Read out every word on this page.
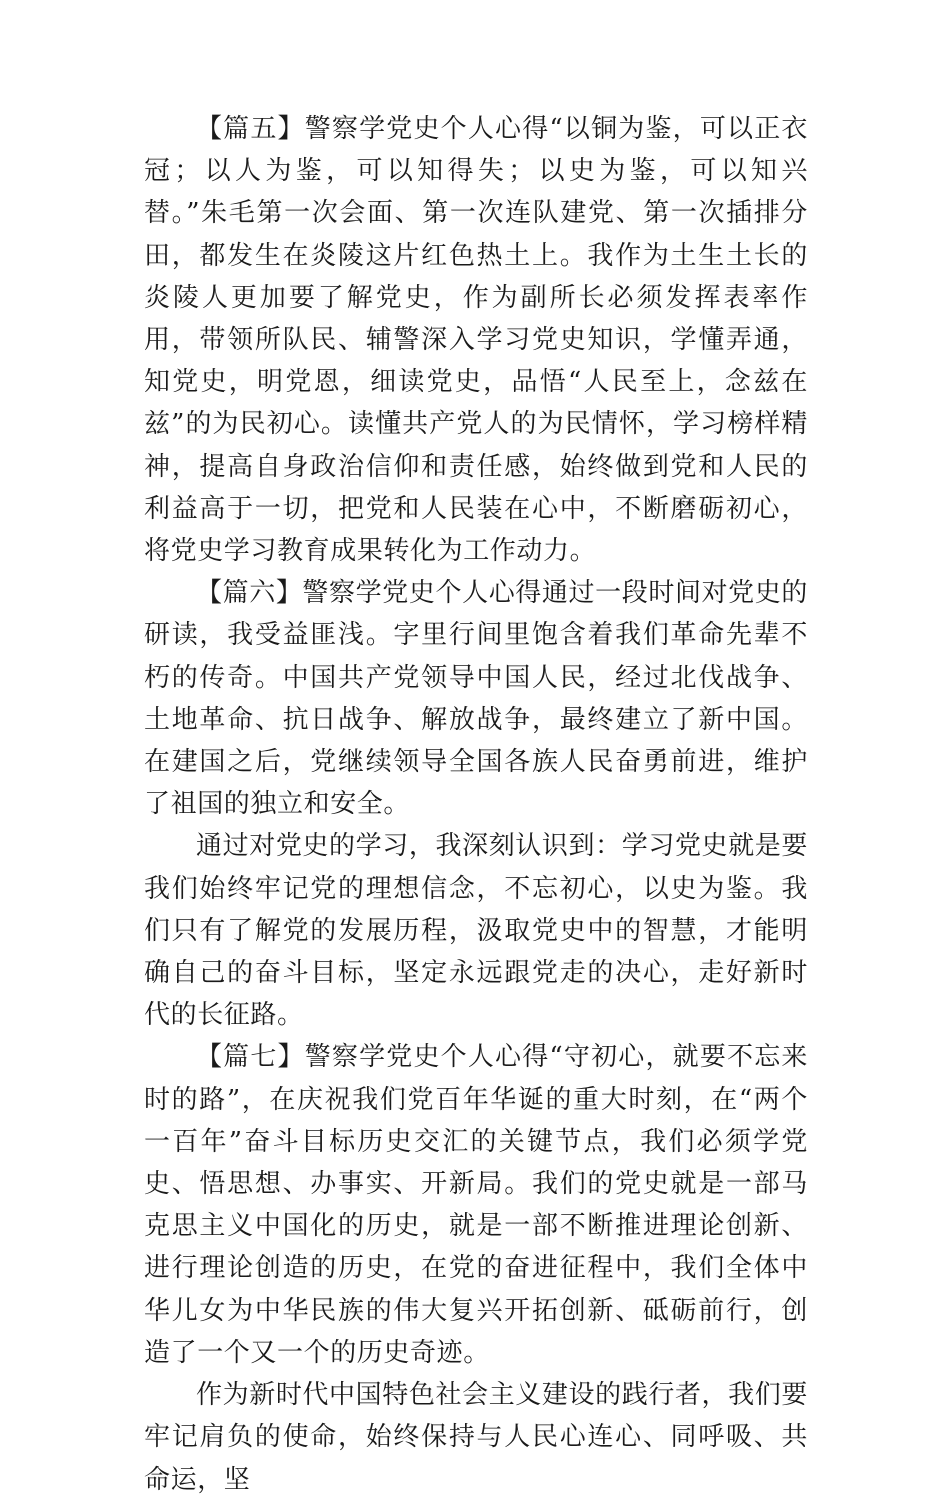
【篇五】警察学党史个人心得“以铜为鉴，可以正衣冠；以人为鉴，可以知得失；以史为鉴，可以知兴替。”朱毛第一次会面、第一次连队建党、第一次插排分田，都发生在炎陵这片红色热土上。我作为土生土长的炎陵人更加要了解党史，作为副所长必须发挥表率作用，带领所队民、辅警深入学习党史知识，学懂弄通，知党史，明党恩，细读党史，品悟“人民至上，念兹在兹”的为民初心。读懂共产党人的为民情怀，学习榜样精神，提高自身政治信仰和责任感，始终做到党和人民的利益高于一切，把党和人民装在心中，不断磨砺初心，将党史学习教育成果转化为工作动力。

【篇六】警察学党史个人心得通过一段时间对党史的研读，我受益匪浅。字里行间里饱含着我们革命先辈不朽的传奇。中国共产党领导中国人民，经过北伐战争、土地革命、抗日战争、解放战争，最终建立了新中国。在建国之后，党继续领导全国各族人民奋勇前进，维护了祖国的独立和安全。

通过对党史的学习，我深刻认识到：学习党史就是要我们始终牢记党的理想信念，不忘初心，以史为鉴。我们只有了解党的发展历程，汲取党史中的智慧，才能明确自己的奋斗目标，坚定永远跟党走的决心，走好新时代的长征路。

【篇七】警察学党史个人心得“守初心，就要不忘来时的路”，在庆祝我们党百年华诞的重大时刻，在“两个一百年”奋斗目标历史交汇的关键节点，我们必须学党史、悟思想、办事实、开新局。我们的党史就是一部马克思主义中国化的历史，就是一部不断推进理论创新、进行理论创造的历史，在党的奋进征程中，我们全体中华儿女为中华民族的伟大复兴开拓创新、砥砺前行，创造了一个又一个的历史奇迹。

作为新时代中国特色社会主义建设的践行者，我们要牢记肩负的使命，始终保持与人民心连心、同呼吸、共命运，坚
